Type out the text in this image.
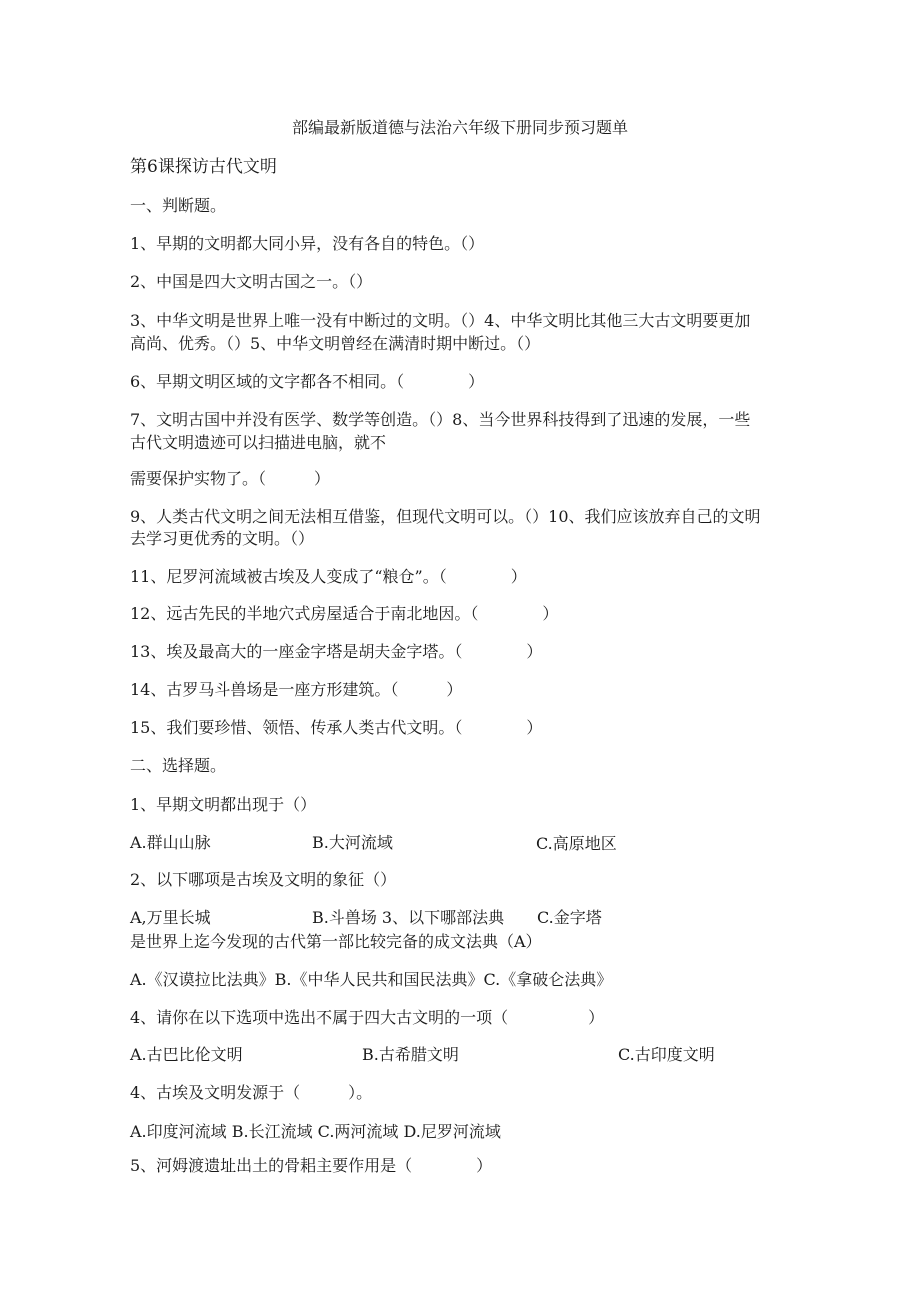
部编最新版道德与法治六年级下册同步预习题单
第6课探访古代文明
一、判断题。
1、早期的文明都大同小异，没有各自的特色。（）
2、中国是四大文明古国之一。（）
3、中华文明是世界上唯一没有中断过的文明。（）4、中华文明比其他三大古文明要更加
高尚、优秀。（）5、中华文明曾经在满清时期中断过。（）
6、早期文明区域的文字都各不相同。（　　　　）
7、文明古国中并没有医学、数学等创造。（）8、当今世界科技得到了迅速的发展，一些
古代文明遗迹可以扫描进电脑，就不
需要保护实物了。（　　　）
9、人类古代文明之间无法相互借鉴，但现代文明可以。（）10、我们应该放弃自己的文明
去学习更优秀的文明。（）
11、尼罗河流域被古埃及人变成了“粮仓”。（　　　　）
12、远古先民的半地穴式房屋适合于南北地因。（　　　　）
13、埃及最高大的一座金字塔是胡夫金字塔。（　　　　）
14、古罗马斗兽场是一座方形建筑。（　　　）
15、我们要珍惜、领悟、传承人类古代文明。（　　　　）
二、选择题。
1、早期文明都出现于（）
A.群山山脉	B.大河流域	C.高原地区
2、以下哪项是古埃及文明的象征（）
A,万里长城	B.斗兽场 3、以下哪部法典 C.金字塔
是世界上迄今发现的古代第一部比较完备的成文法典（A）
A.《汉谟拉比法典》B.《中华人民共和国民法典》C.《拿破仑法典》
4、请你在以下选项中选出不属于四大古文明的一项（　　　　　）
A.古巴比伦文明	B.古希腊文明	C.古印度文明
4、古埃及文明发源于（　　　）。
A.印度河流域 B.长江流域 C.两河流域 D.尼罗河流域
5、河姆渡遗址出土的骨耜主要作用是（　　　　）
